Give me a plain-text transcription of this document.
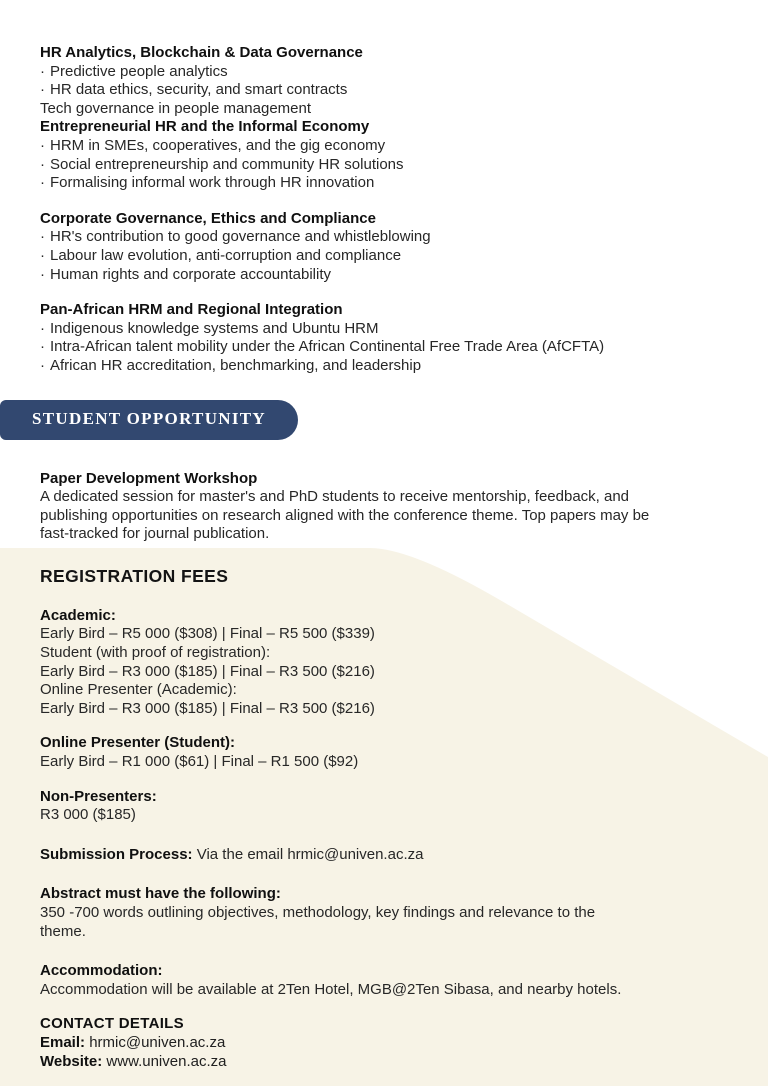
HR Analytics, Blockchain & Data Governance
· Predictive people analytics
· HR data ethics, security, and smart contracts
Tech governance in people management
Entrepreneurial HR and the Informal Economy
· HRM in SMEs, cooperatives, and the gig economy
· Social entrepreneurship and community HR solutions
· Formalising informal work through HR innovation
Corporate Governance, Ethics and Compliance
· HR's contribution to good governance and whistleblowing
· Labour law evolution, anti-corruption and compliance
· Human rights and corporate accountability
Pan-African HRM and Regional Integration
· Indigenous knowledge systems and Ubuntu HRM
· Intra-African talent mobility under the African Continental Free Trade Area (AfCFTA)
· African HR accreditation, benchmarking, and leadership
STUDENT OPPORTUNITY
Paper Development Workshop

A dedicated session for master's and PhD students to receive mentorship, feedback, and publishing opportunities on research aligned with the conference theme. Top papers may be fast-tracked for journal publication.

REGISTRATION FEES
Academic:
Early Bird – R5 000 ($308) | Final – R5 500 ($339)
Student (with proof of registration):
Early Bird – R3 000 ($185) | Final – R3 500 ($216)
Online Presenter (Academic):
Early Bird – R3 000 ($185) | Final – R3 500 ($216)
Online Presenter (Student):
Early Bird – R1 000 ($61) | Final – R1 500 ($92)
Non-Presenters:
R3 000 ($185)

Submission Process: Via the email hrmic@univen.ac.za

Abstract must have the following:

350 -700 words outlining objectives, methodology, key findings and relevance to the theme.

Accommodation:

Accommodation will be available at 2Ten Hotel, MGB@2Ten Sibasa, and nearby hotels.

CONTACT DETAILS
Email: hrmic@univen.ac.za
Website: www.univen.ac.za
